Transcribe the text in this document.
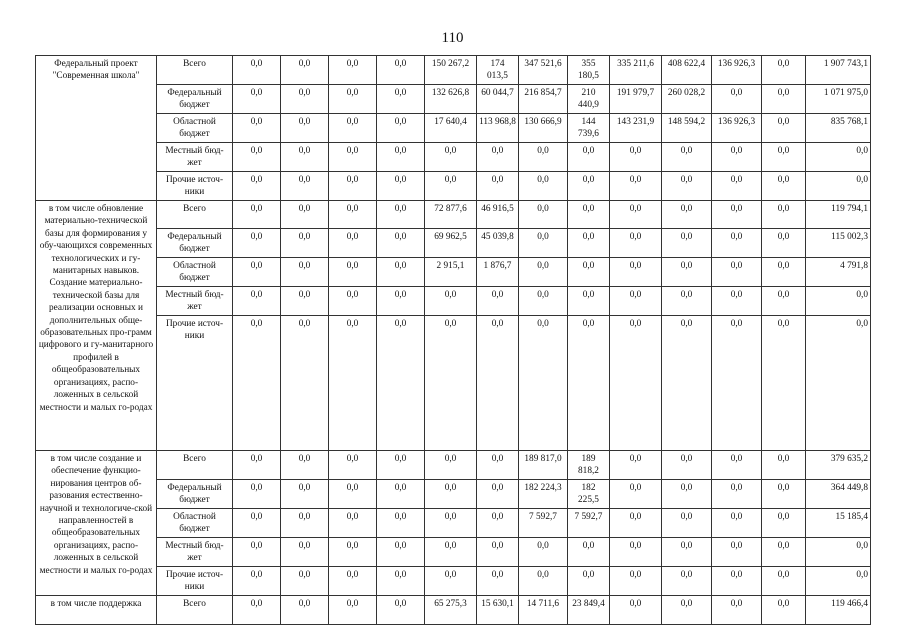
110
Федеральный проект "Современная школа"	Всего	0,0	0,0	0,0	0,0	150 267,2	174 013,5	347 521,6	355 180,5	335 211,6	408 622,4	136 926,3	0,0	1 907 743,1
	Федеральный бюджет	0,0	0,0	0,0	0,0	132 626,8	60 044,7	216 854,7	210 440,9	191 979,7	260 028,2	0,0	0,0	1 071 975,0
	Областной бюджет	0,0	0,0	0,0	0,0	17 640,4	113 968,8	130 666,9	144 739,6	143 231,9	148 594,2	136 926,3	0,0	835 768,1
	Местный бюд-жет	0,0	0,0	0,0	0,0	0,0	0,0	0,0	0,0	0,0	0,0	0,0	0,0	0,0
	Прочие источ-ники	0,0	0,0	0,0	0,0	0,0	0,0	0,0	0,0	0,0	0,0	0,0	0,0	0,0
в том числе обновление материально-технической базы для формирования у обу-чающихся современных технологических и гу-манитарных навыков. Создание материально-технической базы для реализации основных и дополнительных обще-образовательных про-грамм цифрового и гу-манитарного профилей в общеобразовательных организациях, распо-ложенных в сельской местности и малых го-родах	Всего	0,0	0,0	0,0	0,0	72 877,6	46 916,5	0,0	0,0	0,0	0,0	0,0	0,0	119 794,1
	Федеральный бюджет	0,0	0,0	0,0	0,0	69 962,5	45 039,8	0,0	0,0	0,0	0,0	0,0	0,0	115 002,3
	Областной бюджет	0,0	0,0	0,0	0,0	2 915,1	1 876,7	0,0	0,0	0,0	0,0	0,0	0,0	4 791,8
	Местный бюд-жет	0,0	0,0	0,0	0,0	0,0	0,0	0,0	0,0	0,0	0,0	0,0	0,0	0,0
	Прочие источ-ники	0,0	0,0	0,0	0,0	0,0	0,0	0,0	0,0	0,0	0,0	0,0	0,0	0,0
в том числе создание и обеспечение функцио-нирования центров об-разования естественно-научной и технологиче-ской направленностей в общеобразовательных организациях, распо-ложенных в сельской местности и малых го-родах	Всего	0,0	0,0	0,0	0,0	0,0	0,0	189 817,0	189 818,2	0,0	0,0	0,0	0,0	379 635,2
	Федеральный бюджет	0,0	0,0	0,0	0,0	0,0	0,0	182 224,3	182 225,5	0,0	0,0	0,0	0,0	364 449,8
	Областной бюджет	0,0	0,0	0,0	0,0	0,0	0,0	7 592,7	7 592,7	0,0	0,0	0,0	0,0	15 185,4
	Местный бюд-жет	0,0	0,0	0,0	0,0	0,0	0,0	0,0	0,0	0,0	0,0	0,0	0,0	0,0
	Прочие источ-ники	0,0	0,0	0,0	0,0	0,0	0,0	0,0	0,0	0,0	0,0	0,0	0,0	0,0
в том числе поддержка	Всего	0,0	0,0	0,0	0,0	65 275,3	15 630,1	14 711,6	23 849,4	0,0	0,0	0,0	0,0	119 466,4
